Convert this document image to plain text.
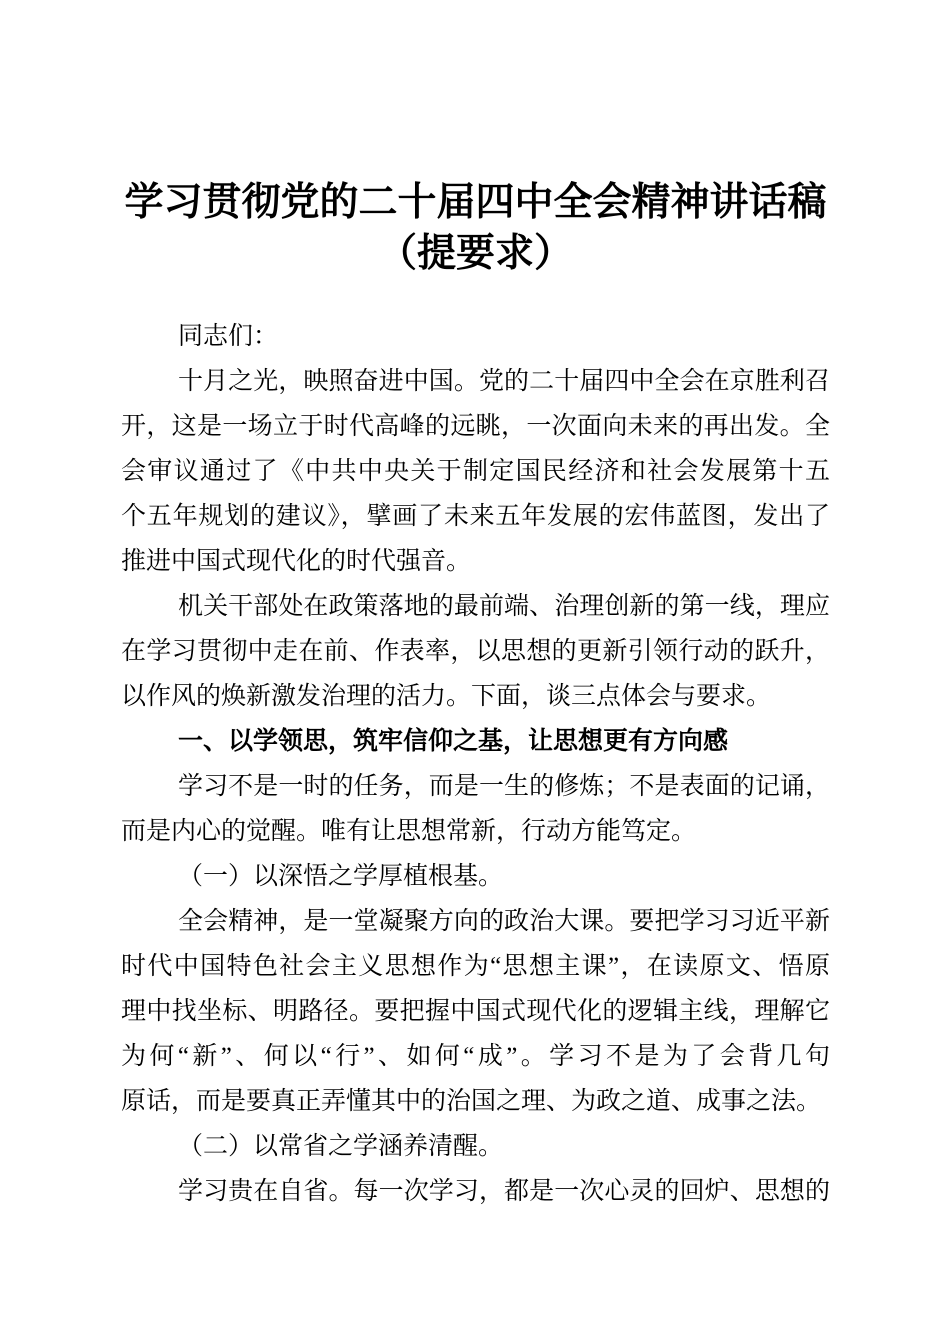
学习贯彻党的二十届四中全会精神讲话稿
（提要求）
同志们：
十月之光，映照奋进中国。党的二十届四中全会在京胜利召
开，这是一场立于时代高峰的远眺，一次面向未来的再出发。全
会审议通过了《中共中央关于制定国民经济和社会发展第十五
个五年规划的建议》，擘画了未来五年发展的宏伟蓝图，发出了
推进中国式现代化的时代强音。
机关干部处在政策落地的最前端、治理创新的第一线，理应
在学习贯彻中走在前、作表率，以思想的更新引领行动的跃升，
以作风的焕新激发治理的活力。下面，谈三点体会与要求。
一、以学领思，筑牢信仰之基，让思想更有方向感
学习不是一时的任务，而是一生的修炼；不是表面的记诵，
而是内心的觉醒。唯有让思想常新，行动方能笃定。
（一）以深悟之学厚植根基。
全会精神，是一堂凝聚方向的政治大课。要把学习习近平新
时代中国特色社会主义思想作为“思想主课”，在读原文、悟原
理中找坐标、明路径。要把握中国式现代化的逻辑主线，理解它
为何“新”、何以“行”、如何“成”。学习不是为了会背几句
原话，而是要真正弄懂其中的治国之理、为政之道、成事之法。
（二）以常省之学涵养清醒。
学习贵在自省。每一次学习，都是一次心灵的回炉、思想的
